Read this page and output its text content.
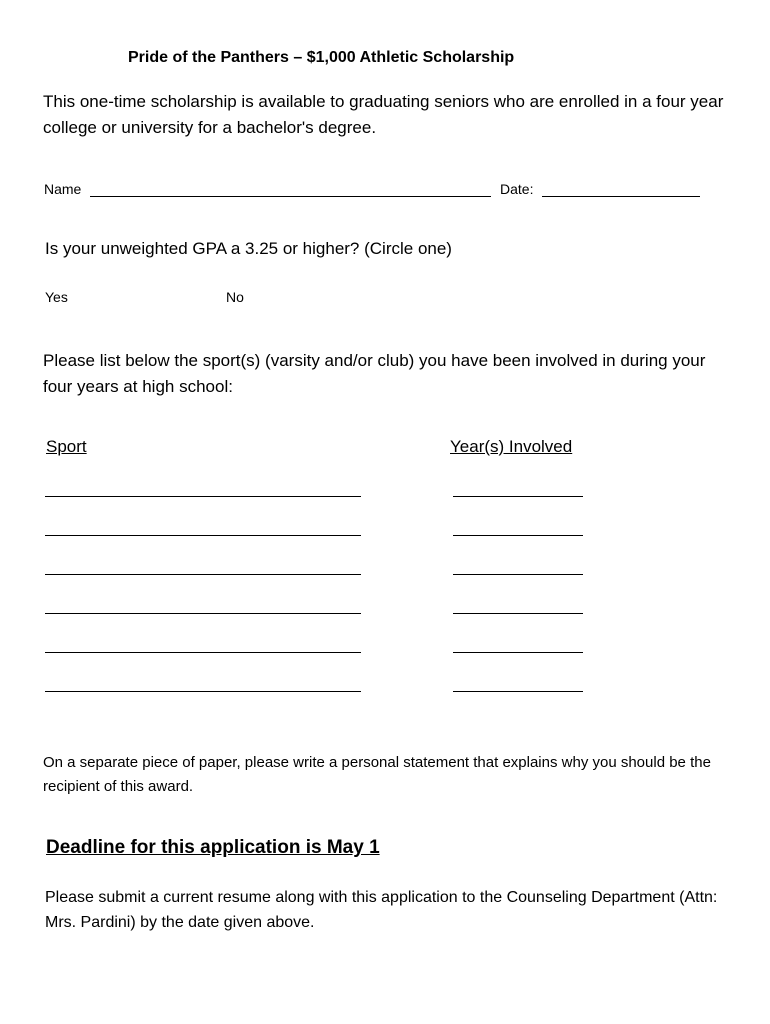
Pride of the Panthers – $1,000 Athletic Scholarship
This one-time scholarship is available to graduating seniors who are enrolled in a four year college or university for a bachelor's degree.
Name	Date:
Is your unweighted GPA a 3.25 or higher? (Circle one)
Yes	No
Please list below the sport(s) (varsity and/or club) you have been involved in during your four years at high school:
Sport	Year(s) Involved
On a separate piece of paper, please write a personal statement that explains why you should be the recipient of this award.
Deadline for this application is May 1
Please submit a current resume along with this application to the Counseling Department (Attn: Mrs. Pardini) by the date given above.
